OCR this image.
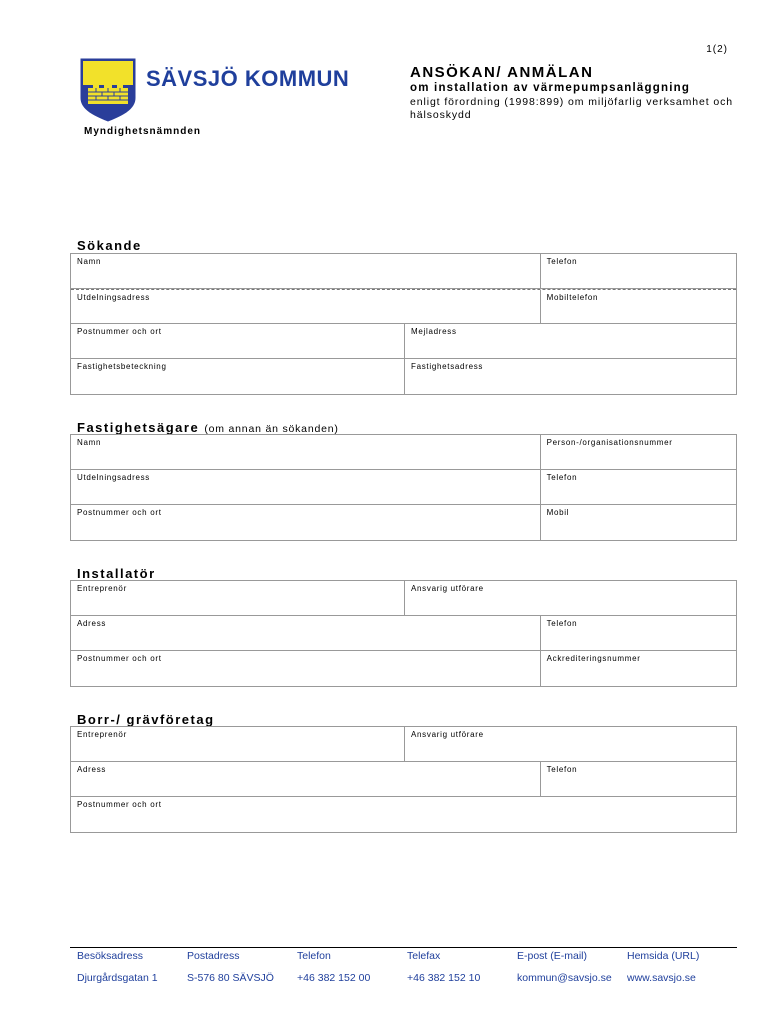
1(2)
SÄVSJÖ KOMMUN
Myndighetsnämnden
ANSÖKAN/ ANMÄLAN
om installation av värmepumpsanläggning
enligt förordning (1998:899) om miljöfarlig verksamhet och hälsoskydd
Sökande
Namn	Telefon
Utdelningsadress	Mobiltelefon
Postnummer och ort	Mejladress
Fastighetsbeteckning	Fastighetsadress
Fastighetsägare (om annan än sökanden)
Namn	Person-/organisationsnummer
Utdelningsadress	Telefon
Postnummer och ort	Mobil
Installatör
Entreprenör	Ansvarig utförare
Adress	Telefon
Postnummer och ort	Ackrediteringsnummer
Borr-/ grävföretag
Entreprenör	Ansvarig utförare
Adress	Telefon
Postnummer och ort
Besöksadress	Postadress	Telefon	Telefax	E-post (E-mail)	Hemsida (URL)
Djurgårdsgatan 1	S-576 80 SÄVSJÖ	+46 382 152 00	+46 382 152 10	kommun@savsjo.se	www.savsjo.se
